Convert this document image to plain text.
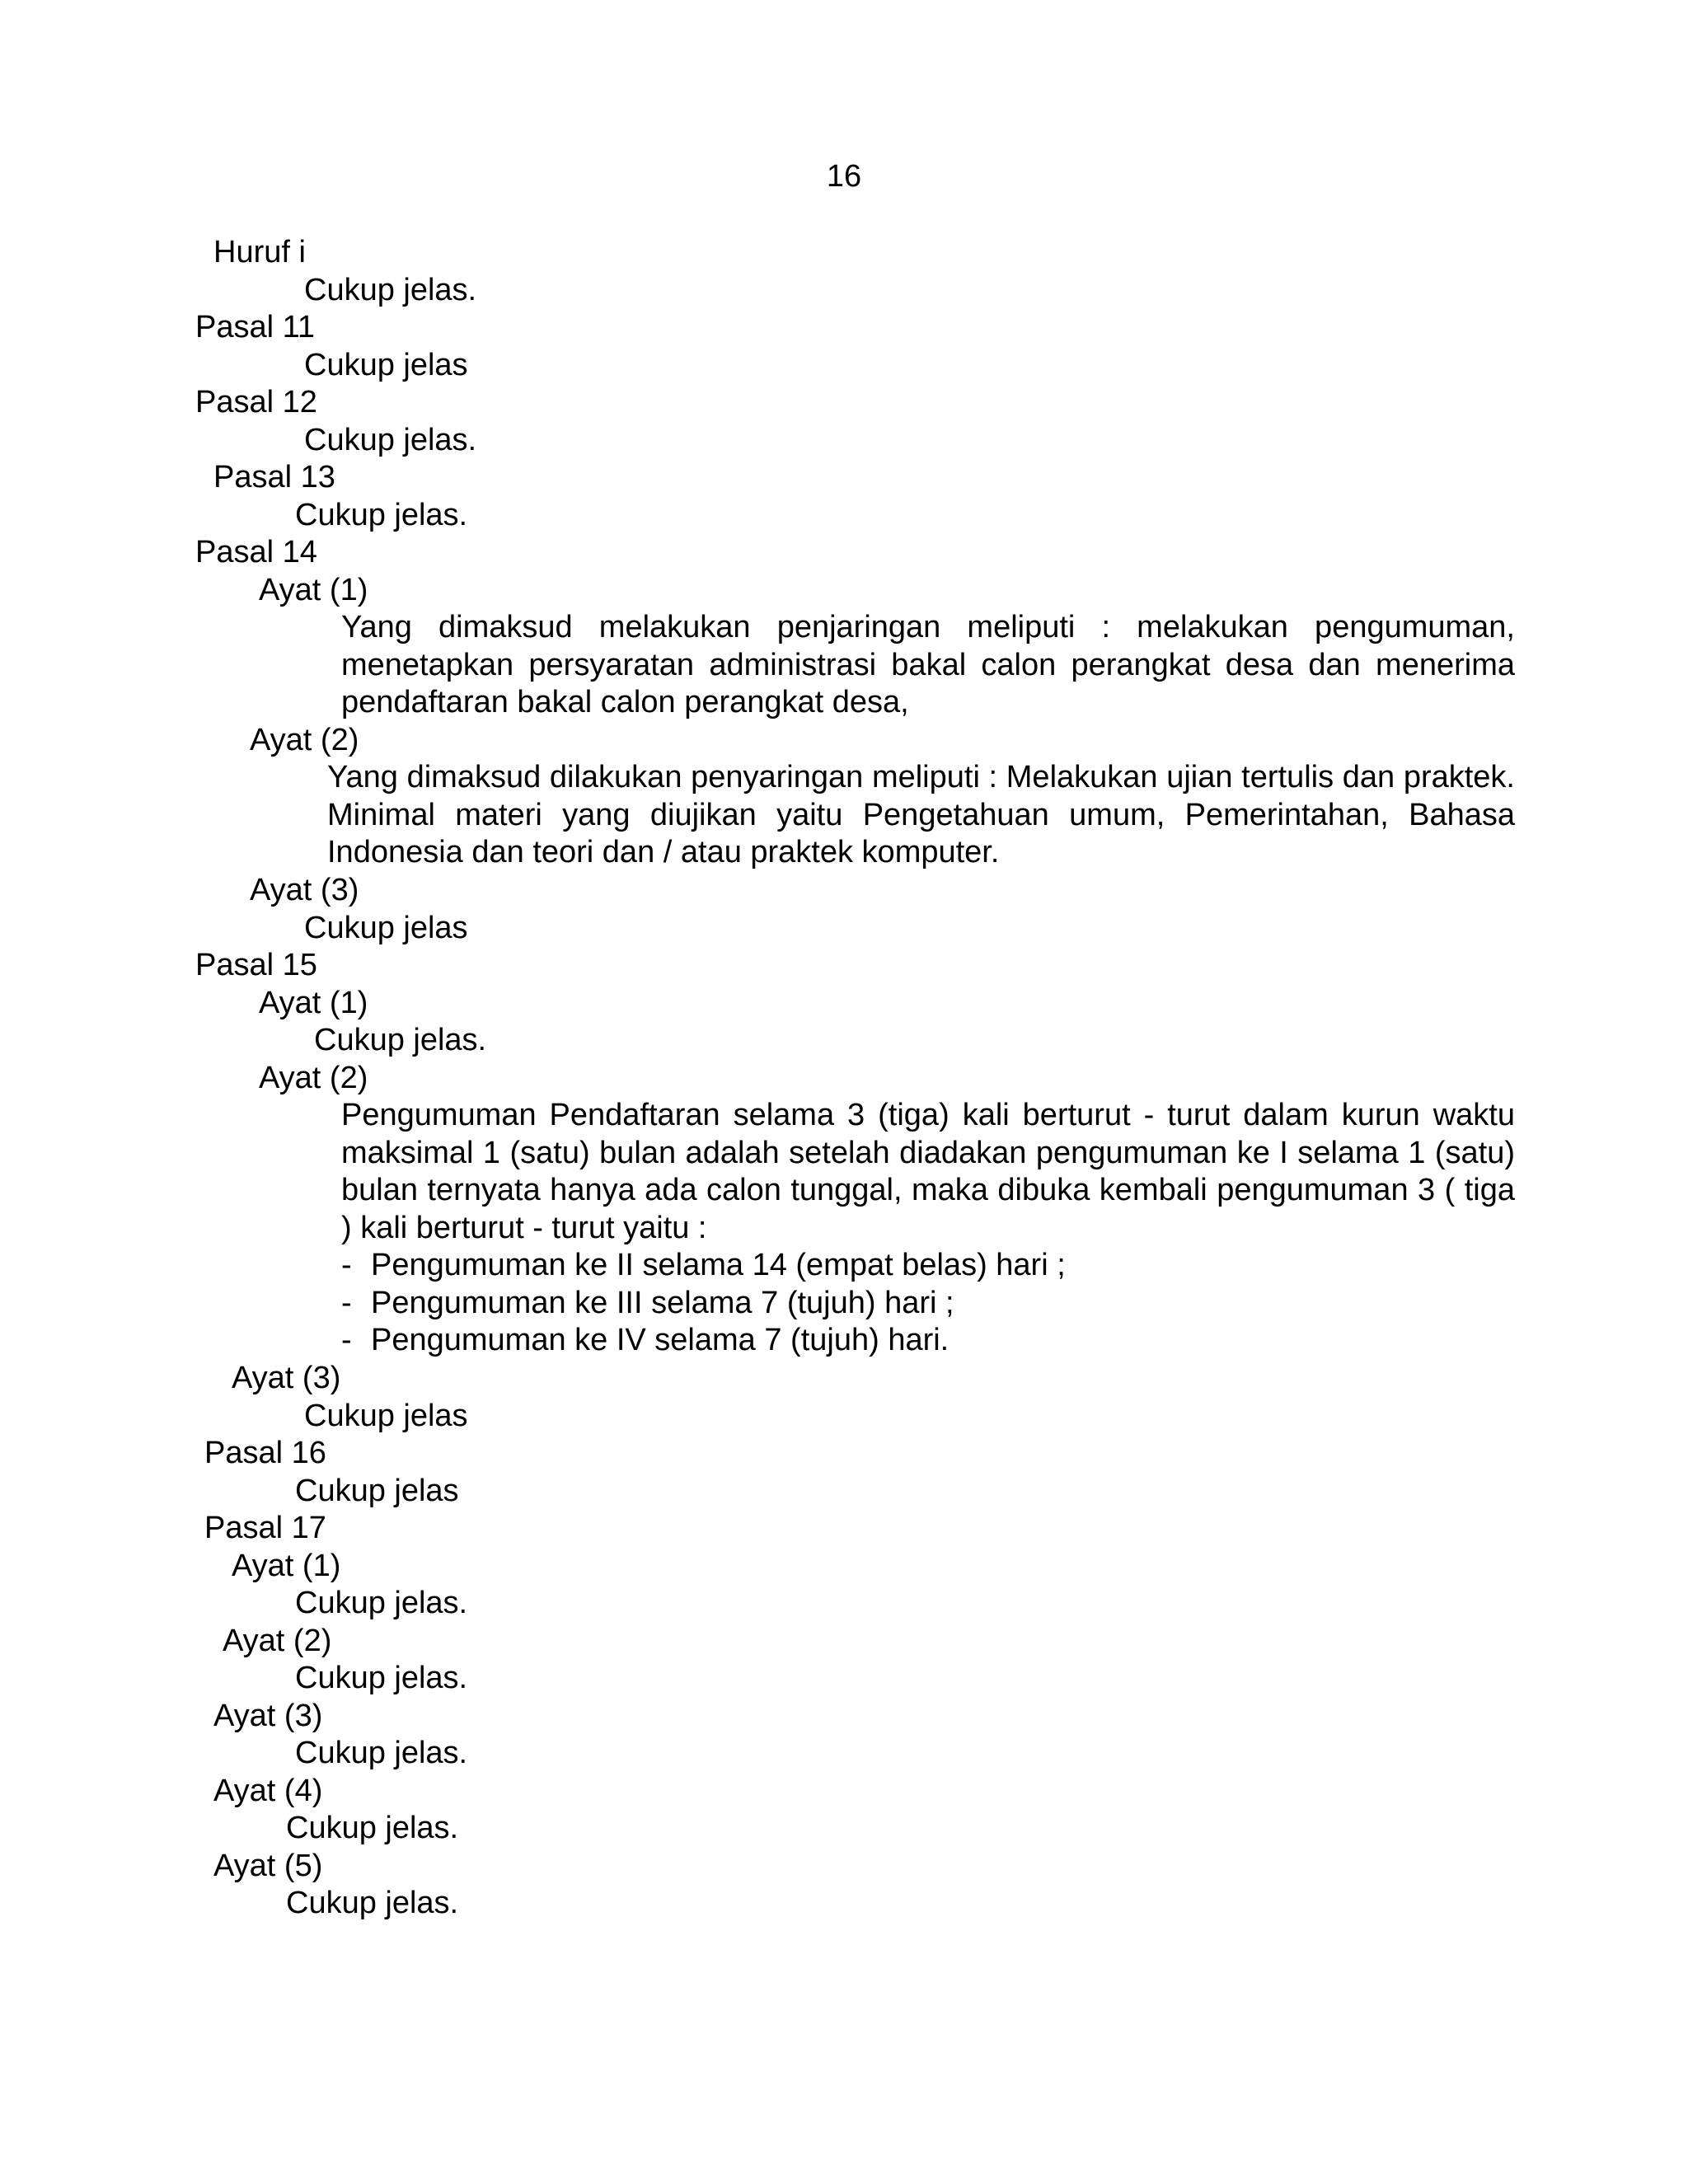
16
Huruf i
Cukup jelas.
Pasal 11
Cukup jelas
Pasal 12
Cukup jelas.
Pasal 13
Cukup jelas.
Pasal 14
Ayat (1)

Yang dimaksud melakukan penjaringan meliputi : melakukan pengumuman, menetapkan persyaratan administrasi bakal calon perangkat desa dan menerima pendaftaran bakal calon perangkat desa,

Ayat (2)

Yang dimaksud dilakukan penyaringan meliputi : Melakukan ujian tertulis dan praktek. Minimal materi yang diujikan yaitu Pengetahuan umum, Pemerintahan, Bahasa Indonesia dan teori dan / atau praktek komputer.

Ayat (3)
Cukup jelas
Pasal 15
Ayat (1)
Cukup jelas.
Ayat (2)

Pengumuman Pendaftaran selama 3 (tiga) kali berturut - turut dalam kurun waktu maksimal 1 (satu) bulan adalah setelah diadakan pengumuman ke I selama 1 (satu) bulan ternyata hanya ada calon tunggal, maka dibuka kembali pengumuman 3 ( tiga ) kali berturut - turut yaitu :

- Pengumuman ke II selama 14 (empat belas) hari ;
- Pengumuman ke III selama 7 (tujuh) hari ;
- Pengumuman ke IV selama 7 (tujuh) hari.
Ayat (3)
Cukup jelas
Pasal 16
Cukup jelas
Pasal 17
Ayat (1)
Cukup jelas.
Ayat (2)
Cukup jelas.
Ayat (3)
Cukup jelas.
Ayat (4)
Cukup jelas.
Ayat (5)
Cukup jelas.
